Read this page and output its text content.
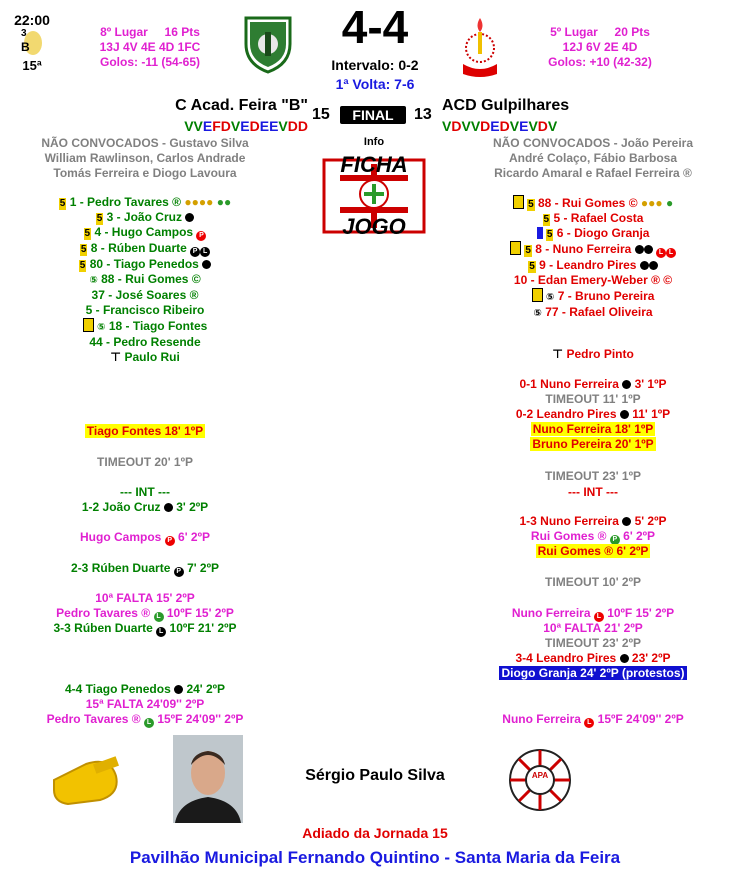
22:00
3
B
15ª
8º Lugar 16 Pts
13J 4V 4E 4D 1FC
Golos: -11 (54-65)
4-4
Intervalo: 0-2
1ª Volta: 7-6
5º Lugar 20 Pts
12J 6V 2E 4D
Golos: +10 (42-32)
C Acad. Feira "B"
15	FINAL	13
ACD Gulpilhares
VVEFDVEDEEVDD	VDVVDEDVEVDV
NÃO CONVOCADOS - Gustavo Silva
William Rawlinson, Carlos Andrade
Tomás Ferreira e Diogo Lavoura
NÃO CONVOCADOS - João Pereira
André Colaço, Fábio Barbosa
Ricardo Amaral e Rafael Ferreira ®
Info
FICHA
JOGO
5 1 - Pedro Tavares ® ●●●● ●●
5 3 - João Cruz
5 4 - Hugo Campos P
5 8 - Rúben Duarte P L
5 80 - Tiago Penedos
⑤ 88 - Rui Gomes ©
37 - José Soares ®
5 - Francisco Ribeiro
⑤ 18 - Tiago Fontes
44 - Pedro Resende
⊤ Paulo Rui
5 88 - Rui Gomes © ●●● ●
5 5 - Rafael Costa
5 6 - Diogo Granja
5 8 - Nuno Ferreira	L L
5 9 - Leandro Pires
10 - Edan Emery-Weber ® ©
⑤ 7 - Bruno Pereira
⑤ 77 - Rafael Oliveira
⊤ Pedro Pinto
Tiago Fontes 18' 1ºP
TIMEOUT 20' 1ºP
--- INT ---
1-2 João Cruz 3' 2ºP
Hugo Campos P 6' 2ºP
2-3 Rúben Duarte P 7' 2ºP
10ª FALTA 15' 2ºP
Pedro Tavares ® L 10ºF 15' 2ºP
3-3 Rúben Duarte L 10ºF 21' 2ºP
4-4 Tiago Penedos 24' 2ºP
15ª FALTA 24'09'' 2ºP
Pedro Tavares ® L 15ºF 24'09'' 2ºP
0-1 Nuno Ferreira 3' 1ºP
TIMEOUT 11' 1ºP
0-2 Leandro Pires 11' 1ºP
Nuno Ferreira 18' 1ºP
Bruno Pereira 20' 1ºP
TIMEOUT 23' 1ºP
--- INT ---
1-3 Nuno Ferreira 5' 2ºP
Rui Gomes ® P 6' 2ºP
Rui Gomes ® 6' 2ºP
TIMEOUT 10' 2ºP
Nuno Ferreira L 10ºF 15' 2ºP
10ª FALTA 21' 2ºP
TIMEOUT 23' 2ºP
3-4 Leandro Pires 23' 2ºP
Diogo Granja 24' 2ºP (protestos)
Nuno Ferreira L 15ºF 24'09'' 2ºP
Sérgio Paulo Silva	APA
Adiado da Jornada 15
Pavilhão Municipal Fernando Quintino - Santa Maria da Feira
